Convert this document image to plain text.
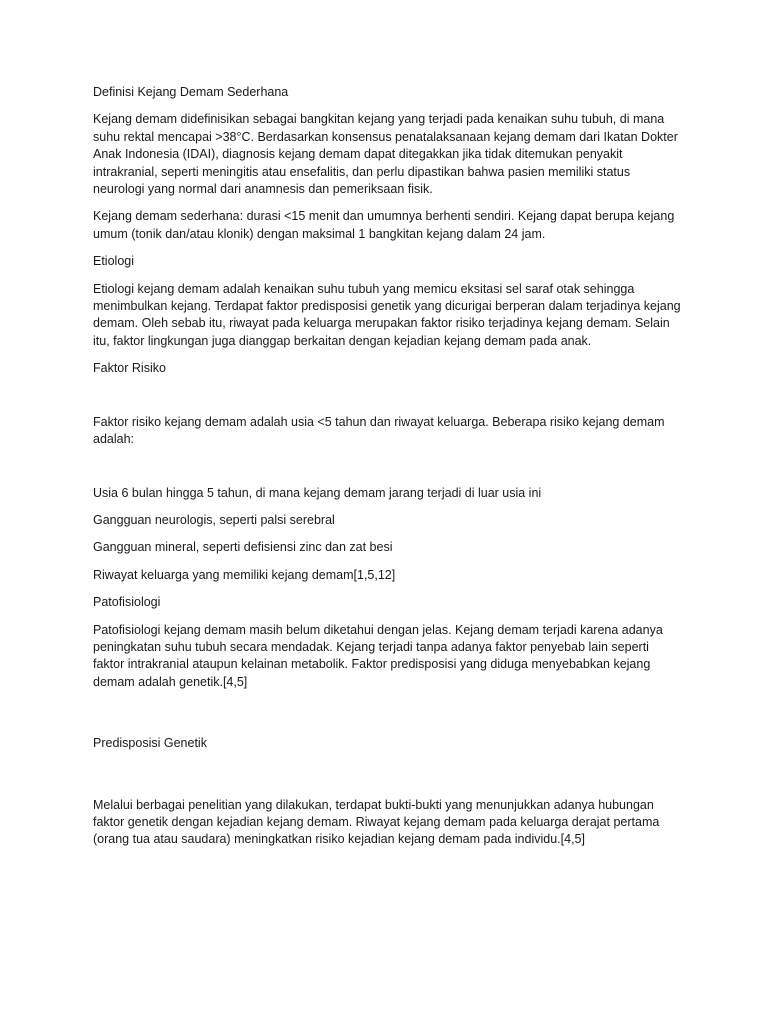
Definisi Kejang Demam Sederhana

Kejang demam didefinisikan sebagai bangkitan kejang yang terjadi pada kenaikan suhu tubuh, di mana suhu rektal mencapai >38°C. Berdasarkan konsensus penatalaksanaan kejang demam dari Ikatan Dokter Anak Indonesia (IDAI), diagnosis kejang demam dapat ditegakkan jika tidak ditemukan penyakit intrakranial, seperti meningitis atau ensefalitis, dan perlu dipastikan bahwa pasien memiliki status neurologi yang normal dari anamnesis dan pemeriksaan fisik.

Kejang demam sederhana: durasi <15 menit dan umumnya berhenti sendiri. Kejang dapat berupa kejang umum (tonik dan/atau klonik) dengan maksimal 1 bangkitan kejang dalam 24 jam.

Etiologi

Etiologi kejang demam adalah kenaikan suhu tubuh yang memicu eksitasi sel saraf otak sehingga menimbulkan kejang. Terdapat faktor predisposisi genetik yang dicurigai berperan dalam terjadinya kejang demam. Oleh sebab itu, riwayat pada keluarga merupakan faktor risiko terjadinya kejang demam. Selain itu, faktor lingkungan juga dianggap berkaitan dengan kejadian kejang demam pada anak.

Faktor Risiko

Faktor risiko kejang demam adalah usia <5 tahun dan riwayat keluarga. Beberapa risiko kejang demam adalah:

Usia 6 bulan hingga 5 tahun, di mana kejang demam jarang terjadi di luar usia ini

Gangguan neurologis, seperti palsi serebral

Gangguan mineral, seperti defisiensi zinc dan zat besi

Riwayat keluarga yang memiliki kejang demam[1,5,12]

Patofisiologi

Patofisiologi kejang demam masih belum diketahui dengan jelas. Kejang demam terjadi karena adanya peningkatan suhu tubuh secara mendadak. Kejang terjadi tanpa adanya faktor penyebab lain seperti faktor intrakranial ataupun kelainan metabolik. Faktor predisposisi yang diduga menyebabkan kejang demam adalah genetik.[4,5]

Predisposisi Genetik

Melalui berbagai penelitian yang dilakukan, terdapat bukti-bukti yang menunjukkan adanya hubungan faktor genetik dengan kejadian kejang demam. Riwayat kejang demam pada keluarga derajat pertama (orang tua atau saudara) meningkatkan risiko kejadian kejang demam pada individu.[4,5]
